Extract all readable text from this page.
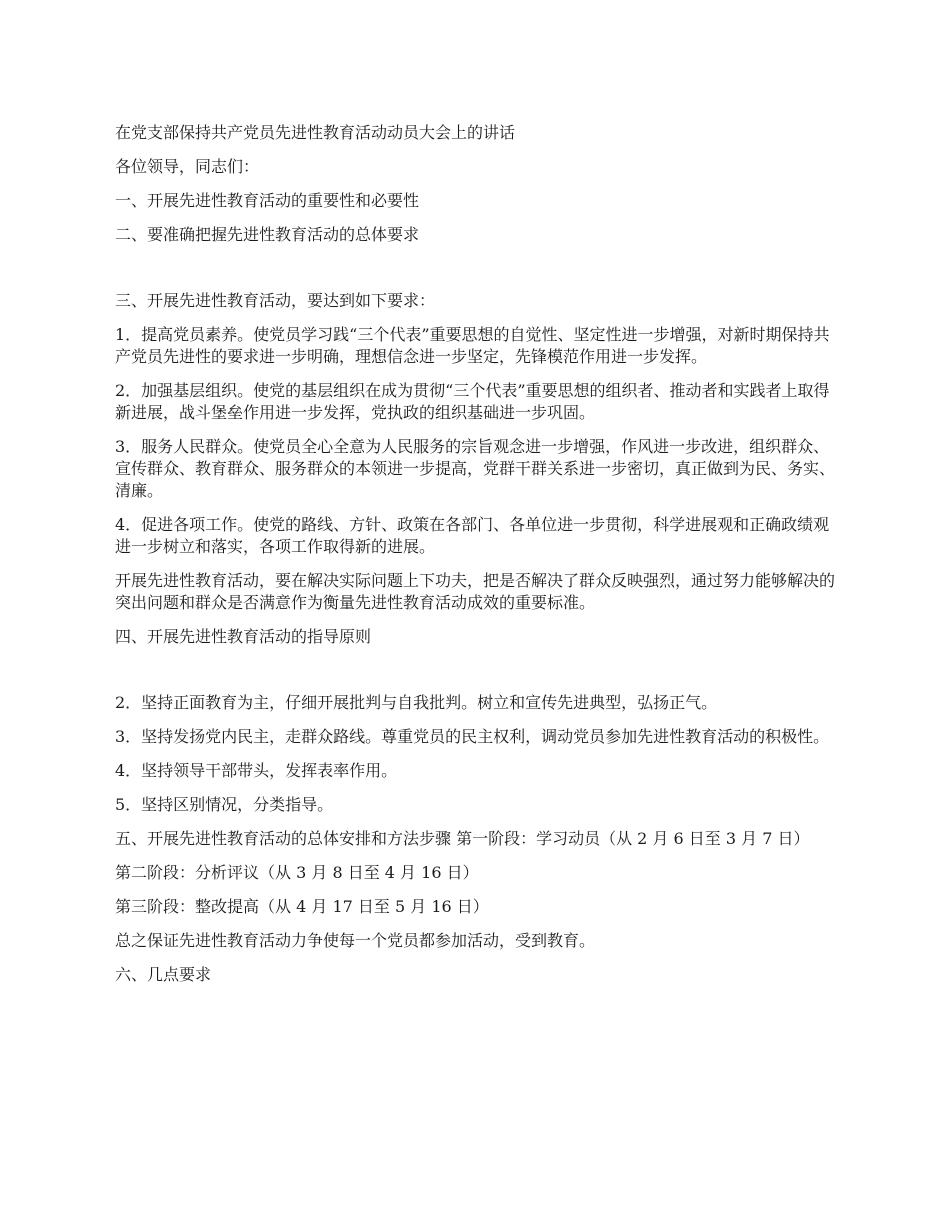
在党支部保持共产党员先进性教育活动动员大会上的讲话

各位领导，同志们：

一、开展先进性教育活动的重要性和必要性

二、要准确把握先进性教育活动的总体要求

三、开展先进性教育活动，要达到如下要求：

1．提高党员素养。使党员学习践“三个代表”重要思想的自觉性、坚定性进一步增强，对新时期保持共产党员先进性的要求进一步明确，理想信念进一步坚定，先锋模范作用进一步发挥。

2．加强基层组织。使党的基层组织在成为贯彻“三个代表”重要思想的组织者、推动者和实践者上取得新进展，战斗堡垒作用进一步发挥，党执政的组织基础进一步巩固。

3．服务人民群众。使党员全心全意为人民服务的宗旨观念进一步增强，作风进一步改进，组织群众、宣传群众、教育群众、服务群众的本领进一步提高，党群干群关系进一步密切，真正做到为民、务实、清廉。

4．促进各项工作。使党的路线、方针、政策在各部门、各单位进一步贯彻，科学进展观和正确政绩观进一步树立和落实，各项工作取得新的进展。

开展先进性教育活动，要在解决实际问题上下功夫，把是否解决了群众反映强烈，通过努力能够解决的突出问题和群众是否满意作为衡量先进性教育活动成效的重要标准。

四、开展先进性教育活动的指导原则

2．坚持正面教育为主，仔细开展批判与自我批判。树立和宣传先进典型，弘扬正气。

3．坚持发扬党内民主，走群众路线。尊重党员的民主权利，调动党员参加先进性教育活动的积极性。

4．坚持领导干部带头，发挥表率作用。

5．坚持区别情况，分类指导。

五、开展先进性教育活动的总体安排和方法步骤 第一阶段：学习动员（从 2 月 6 日至 3 月 7 日）

第二阶段：分析评议（从 3 月 8 日至 4 月 16 日）

第三阶段：整改提高（从 4 月 17 日至 5 月 16 日）

总之保证先进性教育活动力争使每一个党员都参加活动，受到教育。

六、几点要求
